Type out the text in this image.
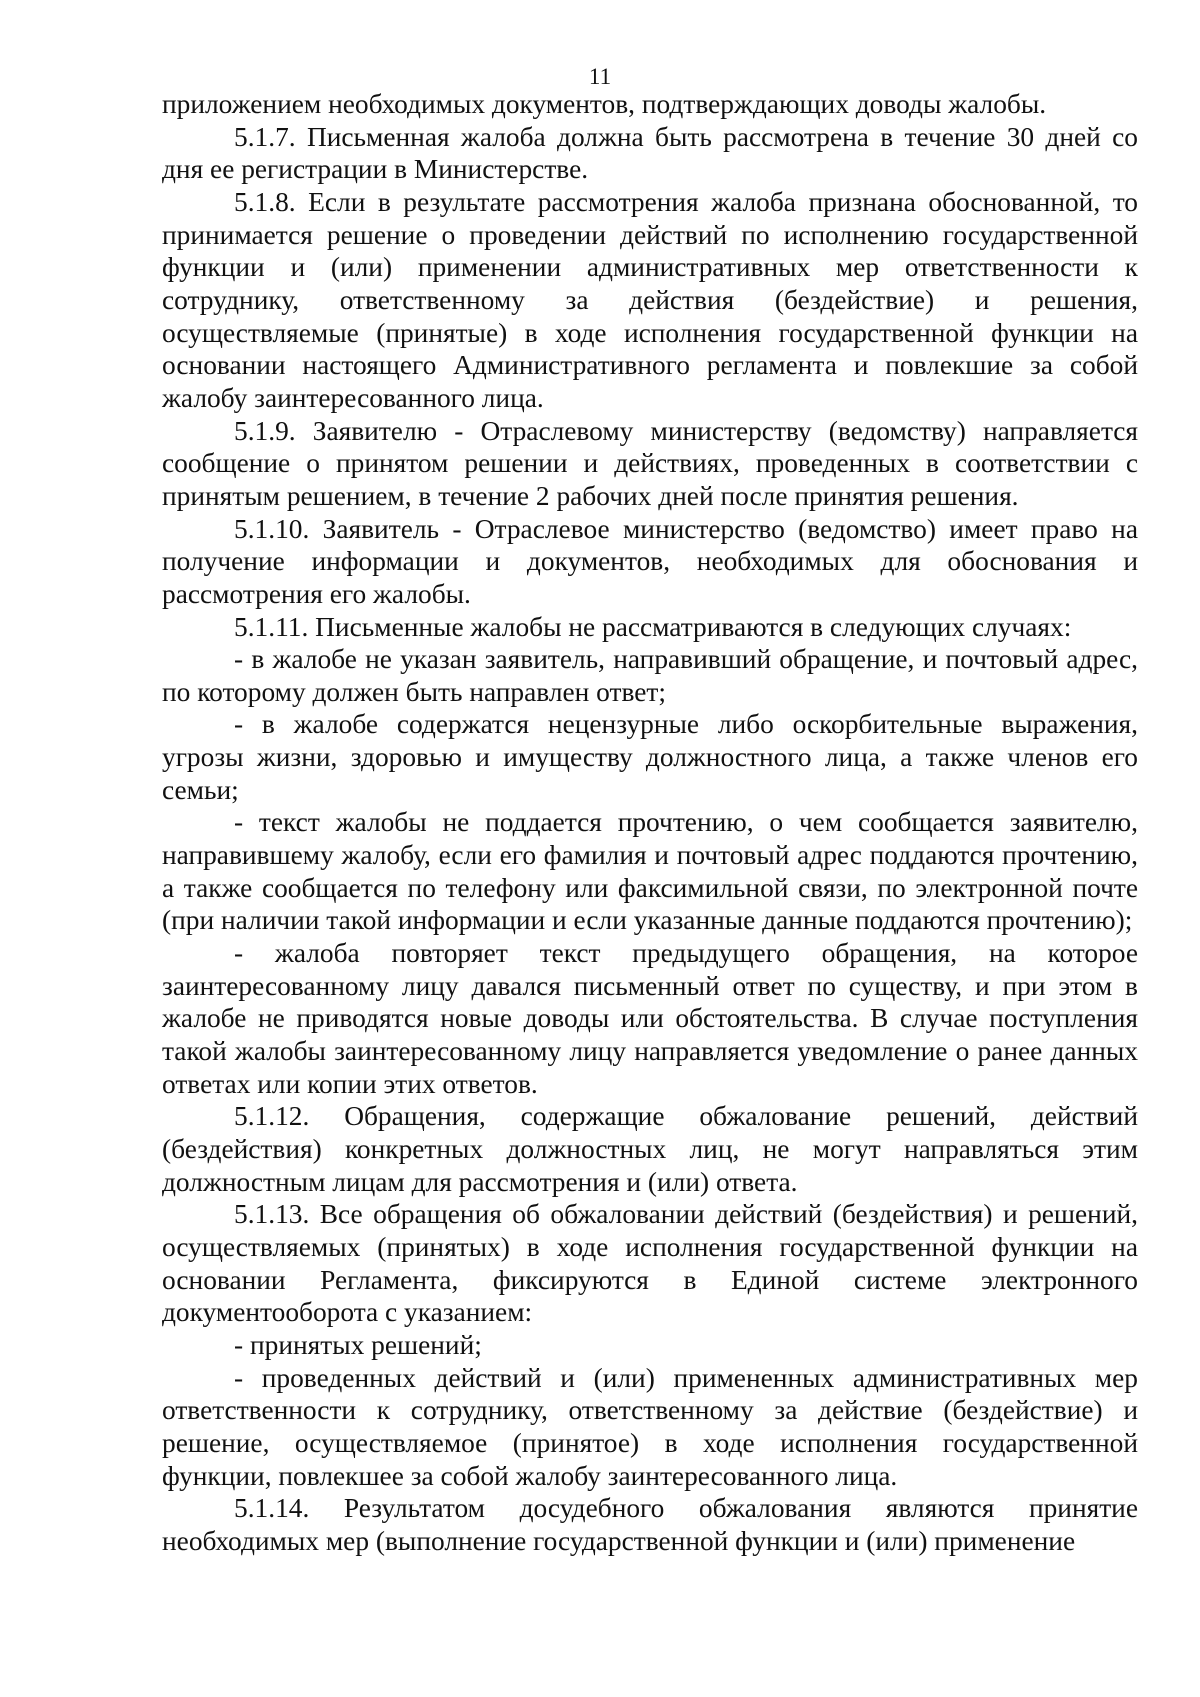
11

приложением необходимых документов, подтверждающих доводы жалобы.

5.1.7. Письменная жалоба должна быть рассмотрена в течение 30 дней со дня ее регистрации в Министерстве.

5.1.8. Если в результате рассмотрения жалоба признана обоснованной, то принимается решение о проведении действий по исполнению государственной функции и (или) применении административных мер ответственности к сотруднику, ответственному за действия (бездействие) и решения, осуществляемые (принятые) в ходе исполнения государственной функции на основании настоящего Административного регламента и повлекшие за собой жалобу заинтересованного лица.

5.1.9. Заявителю - Отраслевому министерству (ведомству) направляется сообщение о принятом решении и действиях, проведенных в соответствии с принятым решением, в течение 2 рабочих дней после принятия решения.

5.1.10. Заявитель - Отраслевое министерство (ведомство) имеет право на получение информации и документов, необходимых для обоснования и рассмотрения его жалобы.

5.1.11. Письменные жалобы не рассматриваются в следующих случаях:

- в жалобе не указан заявитель, направивший обращение, и почтовый адрес, по которому должен быть направлен ответ;

- в жалобе содержатся нецензурные либо оскорбительные выражения, угрозы жизни, здоровью и имуществу должностного лица, а также членов его семьи;

- текст жалобы не поддается прочтению, о чем сообщается заявителю, направившему жалобу, если его фамилия и почтовый адрес поддаются прочтению, а также сообщается по телефону или факсимильной связи, по электронной почте (при наличии такой информации и если указанные данные поддаются прочтению);

- жалоба повторяет текст предыдущего обращения, на которое заинтересованному лицу давался письменный ответ по существу, и при этом в жалобе не приводятся новые доводы или обстоятельства. В случае поступления такой жалобы заинтересованному лицу направляется уведомление о ранее данных ответах или копии этих ответов.

5.1.12. Обращения, содержащие обжалование решений, действий (бездействия) конкретных должностных лиц, не могут направляться этим должностным лицам для рассмотрения и (или) ответа.

5.1.13. Все обращения об обжаловании действий (бездействия) и решений, осуществляемых (принятых) в ходе исполнения государственной функции на основании Регламента, фиксируются в Единой системе электронного документооборота с указанием:

- принятых решений;

- проведенных действий и (или) примененных административных мер ответственности к сотруднику, ответственному за действие (бездействие) и решение, осуществляемое (принятое) в ходе исполнения государственной функции, повлекшее за собой жалобу заинтересованного лица.

5.1.14. Результатом досудебного обжалования являются принятие необходимых мер (выполнение государственной функции и (или) применение
